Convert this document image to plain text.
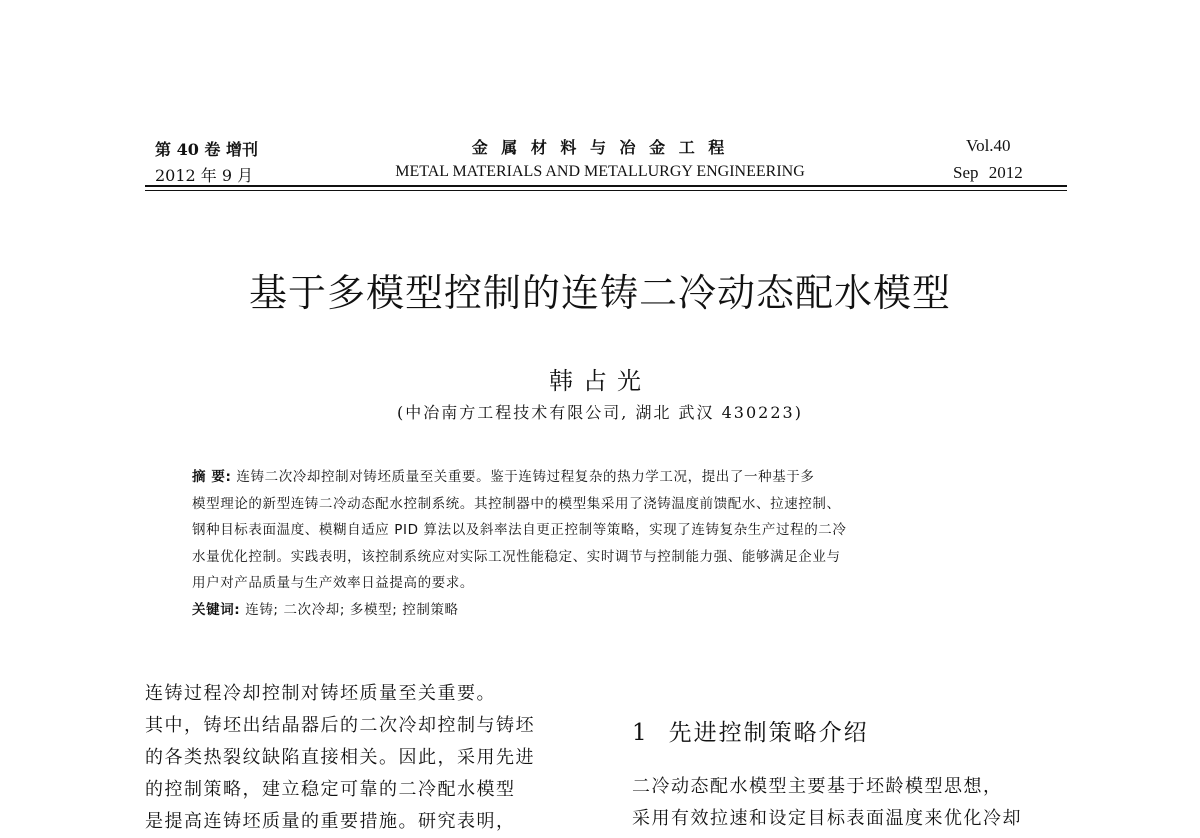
第 40 卷 增刊
2012 年 9 月
金 属 材 料 与 冶 金 工 程
METAL MATERIALS AND METALLURGY ENGINEERING
Vol.40
Sep 2012
基于多模型控制的连铸二冷动态配水模型
韩占光
(中冶南方工程技术有限公司, 湖北 武汉 430223)

摘 要: 连铸二次冷却控制对铸坯质量至关重要。鉴于连铸过程复杂的热力学工况，提出了一种基于多

模型理论的新型连铸二冷动态配水控制系统。其控制器中的模型集采用了浇铸温度前馈配水、拉速控制、

钢种目标表面温度、模糊自适应 PID 算法以及斜率法自更正控制等策略，实现了连铸复杂生产过程的二冷

水量优化控制。实践表明，该控制系统应对实际工况性能稳定、实时调节与控制能力强、能够满足企业与

用户对产品质量与生产效率日益提高的要求。

关键词: 连铸; 二次冷却; 多模型; 控制策略

连铸过程冷却控制对铸坯质量至关重要。

其中，铸坯出结晶器后的二次冷却控制与铸坯

的各类热裂纹缺陷直接相关。因此，采用先进

的控制策略，建立稳定可靠的二冷配水模型

是提高连铸坯质量的重要措施。研究表明，

1 先进控制策略介绍

二冷动态配水模型主要基于坯龄模型思想，

采用有效拉速和设定目标表面温度来优化冷却
